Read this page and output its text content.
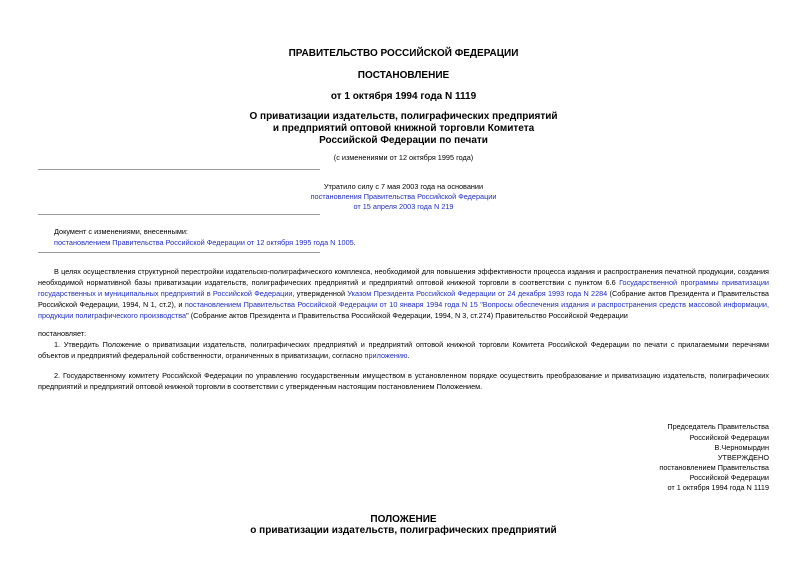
ПРАВИТЕЛЬСТВО РОССИЙСКОЙ ФЕДЕРАЦИИ
ПОСТАНОВЛЕНИЕ
от 1 октября 1994 года N 1119
О приватизации издательств, полиграфических предприятий
и предприятий оптовой книжной торговли Комитета
Российской Федерации по печати
(с изменениями от 12 октября 1995 года)
Утратило силу с 7 мая 2003 года на основании
постановления Правительства Российской Федерации
от 15 апреля 2003 года N 219
Документ с изменениями, внесенными:
постановлением Правительства Российской Федерации от 12 октября 1995 года N 1005.
В целях осуществления структурной перестройки издательско-полиграфического комплекса, необходимой для повышения эффективности процесса издания и распространения печатной продукции, создания необходимой нормативной базы приватизации издательств, полиграфических предприятий и предприятий оптовой книжной торговли в соответствии с пунктом 6.6 Государственной программы приватизации государственных и муниципальных предприятий в Российской Федерации, утвержденной Указом Президента Российской Федерации от 24 декабря 1993 года N 2284 (Собрание актов Президента и Правительства Российской Федерации, 1994, N 1, ст.2), и постановлением Правительства Российской Федерации от 10 января 1994 года N 15 "Вопросы обеспечения издания и распространения средств массовой информации, продукции полиграфического производства" (Собрание актов Президента и Правительства Российской Федерации, 1994, N 3, ст.274) Правительство Российской Федерации
постановляет:
1. Утвердить Положение о приватизации издательств, полиграфических предприятий и предприятий оптовой книжной торговли Комитета Российской Федерации по печати с прилагаемыми перечнями объектов и предприятий федеральной собственности, ограниченных в приватизации, согласно приложению.
2. Государственному комитету Российской Федерации по управлению государственным имуществом в установленном порядке осуществить преобразование и приватизацию издательств, полиграфических предприятий и предприятий оптовой книжной торговли в соответствии с утвержденным настоящим постановлением Положением.
Председатель Правительства
Российской Федерации
В.Черномырдин
УТВЕРЖДЕНО
постановлением Правительства
Российской Федерации
от 1 октября 1994 года N 1119
ПОЛОЖЕНИЕ
о приватизации издательств, полиграфических предприятий
